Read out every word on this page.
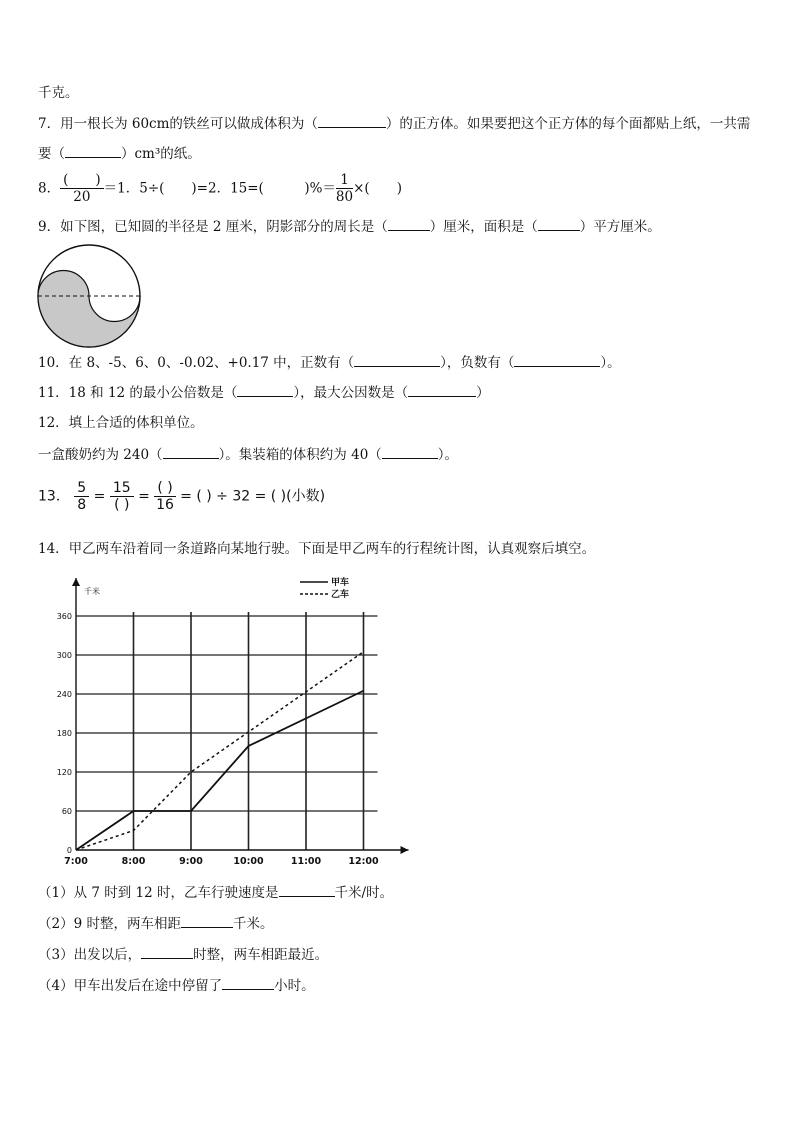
千克。
7．用一根长为 60cm的铁丝可以做成体积为（	）的正方体。如果要把这个正方体的每个面都贴上纸，一共需
要（	）cm³的纸。
8． $\frac{( )}{20} =1$．5÷(　　)=2．15=(　　　)%＝ $\frac{1}{80}$ ×(　　)
9．如下图，已知圆的半径是 2 厘米，阴影部分的周长是（	）厘米，面积是（	）平方厘米。
10．在 8、-5、6、0、-0.02、+0.17 中，正数有（	），负数有（	）。
11．18 和 12 的最小公倍数是（	），最大公因数是（	）
12．填上合适的体积单位。
一盒酸奶约为 240（	）。集装箱的体积约为 40（	）。
13． $\frac{5}{8} = \frac{15}{( )} = \frac{( )}{16}$ = ( ) ÷ 32 = ( )(小数)
14．甲乙两车沿着同一条道路向某地行驶。下面是甲乙两车的行程统计图，认真观察后填空。
0
60
120
180
240
300
360
7:00	8:00	9:00	10:00	11:00	12:00
千米
甲车
乙车
（1）从 7 时到 12 时，乙车行驶速度是	千米/时。
（2）9 时整，两车相距	千米。
（3）出发以后，	时整，两车相距最近。
（4）甲车出发后在途中停留了	小时。
